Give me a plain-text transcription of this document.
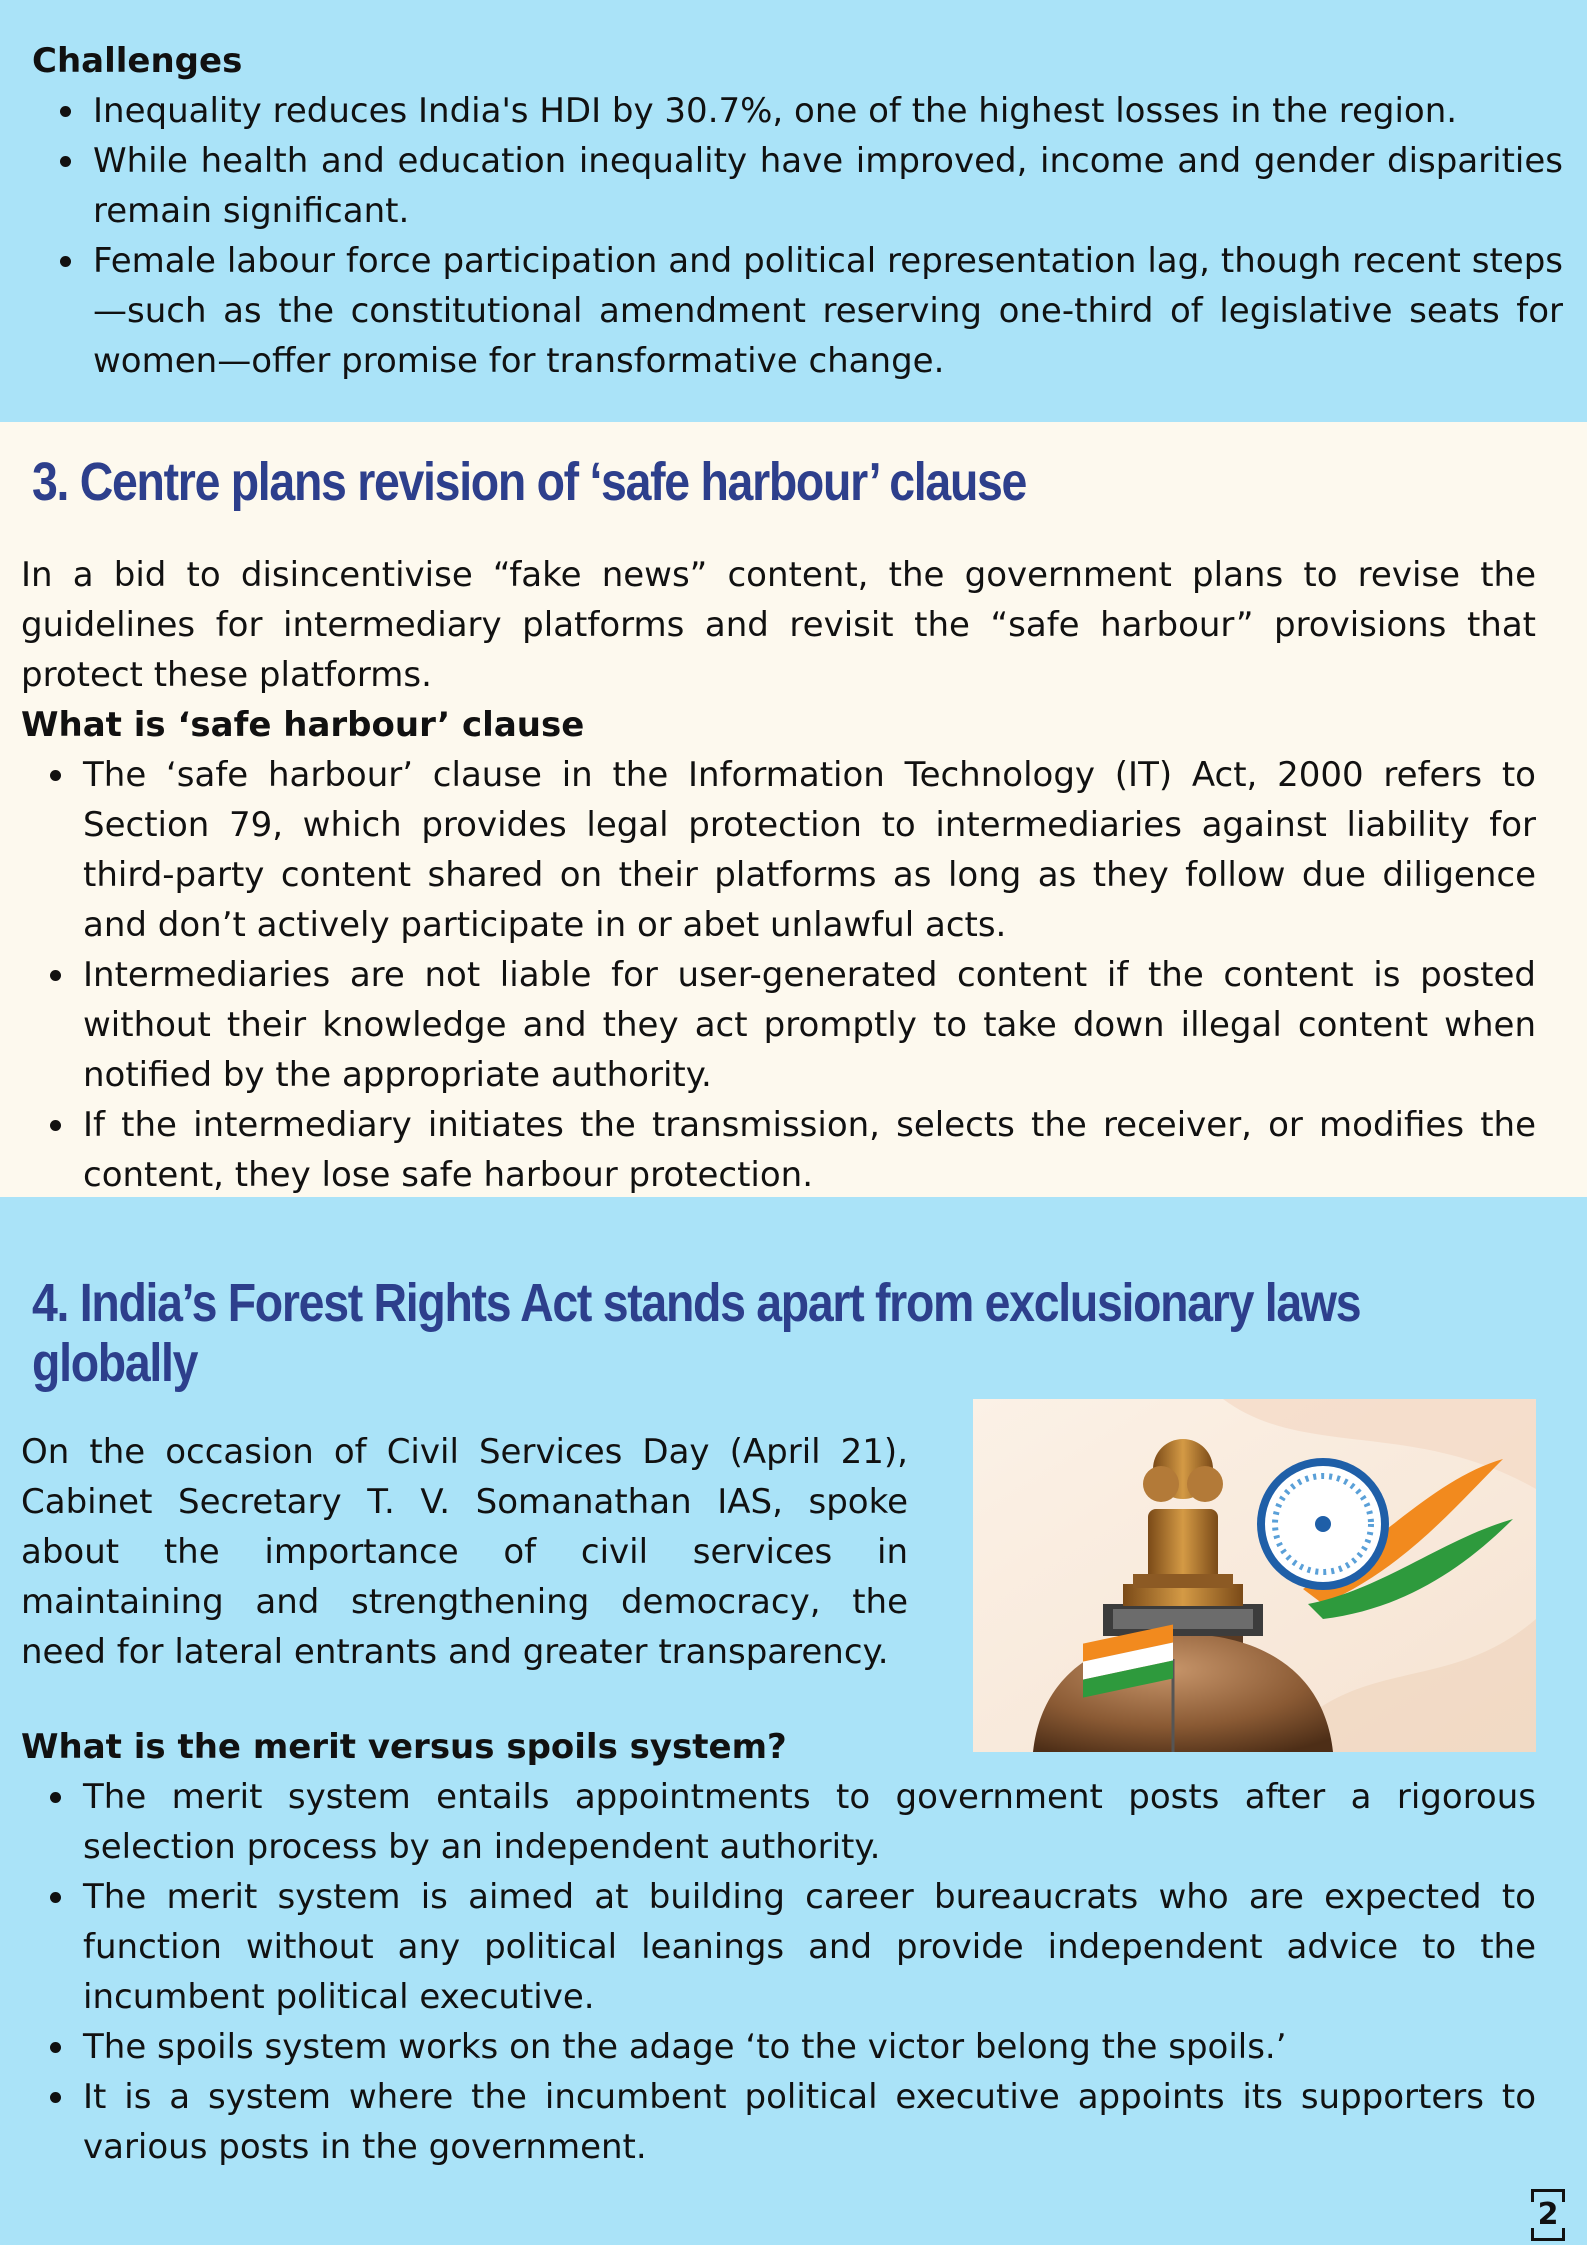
Challenges
Inequality reduces India's HDI by 30.7%, one of the highest losses in the region.
While health and education inequality have improved, income and gender disparities remain significant.
Female labour force participation and political representation lag, though recent steps—such as the constitutional amendment reserving one-third of legislative seats for women—offer promise for transformative change.
3. Centre plans revision of ‘safe harbour’ clause

In a bid to disincentivise “fake news” content, the government plans to revise the guidelines for intermediary platforms and revisit the “safe harbour” provisions that protect these platforms.

What is ‘safe harbour’ clause
The ‘safe harbour’ clause in the Information Technology (IT) Act, 2000 refers to Section 79, which provides legal protection to intermediaries against liability for third-party content shared on their platforms as long as they follow due diligence and don’t actively participate in or abet unlawful acts.
Intermediaries are not liable for user-generated content if the content is posted without their knowledge and they act promptly to take down illegal content when notified by the appropriate authority.
If the intermediary initiates the transmission, selects the receiver, or modifies the content, they lose safe harbour protection.
4. India’s Forest Rights Act stands apart from exclusionary laws
globally

On the occasion of Civil Services Day (April 21), Cabinet Secretary T. V. Somanathan IAS, spoke about the importance of civil services in maintaining and strengthening democracy, the need for lateral entrants and greater transparency.

What is the merit versus spoils system?
The merit system entails appointments to government posts after a rigorous selection process by an independent authority.
The merit system is aimed at building career bureaucrats who are expected to function without any political leanings and provide independent advice to the incumbent political executive.
The spoils system works on the adage ‘to the victor belong the spoils.’
It is a system where the incumbent political executive appoints its supporters to various posts in the government.
2
